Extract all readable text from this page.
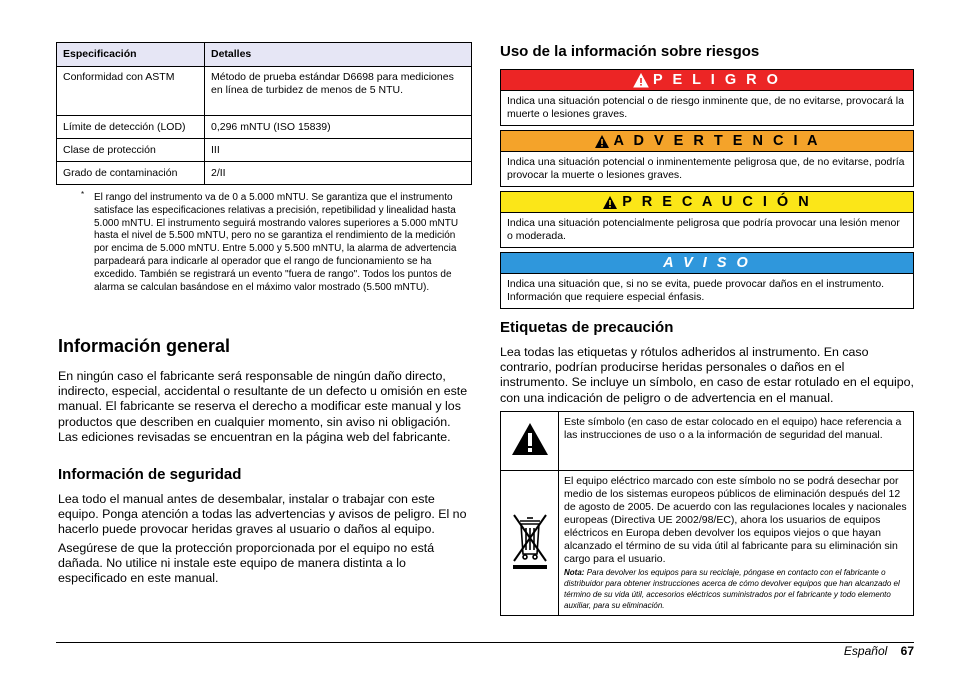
Especificación	Detalles
Conformidad con ASTM	Método de prueba estándar D6698 para mediciones en línea de turbidez de menos de 5 NTU.
Límite de detección (LOD)	0,296 mNTU (ISO 15839)
Clase de protección	III
Grado de contaminación	2/II
* El rango del instrumento va de 0 a 5.000 mNTU. Se garantiza que el instrumento satisface las especificaciones relativas a precisión, repetibilidad y linealidad hasta 5.000 mNTU. El instrumento seguirá mostrando valores superiores a 5.000 mNTU hasta el nivel de 5.500 mNTU, pero no se garantiza el rendimiento de la medición por encima de 5.000 mNTU. Entre 5.000 y 5.500 mNTU, la alarma de advertencia parpadeará para indicarle al operador que el rango de funcionamiento se ha excedido. También se registrará un evento "fuera de rango". Todos los puntos de alarma se calculan basándose en el máximo valor mostrado (5.500 mNTU).
Información general

En ningún caso el fabricante será responsable de ningún daño directo, indirecto, especial, accidental o resultante de un defecto u omisión en este manual. El fabricante se reserva el derecho a modificar este manual y los productos que describen en cualquier momento, sin aviso ni obligación. Las ediciones revisadas se encuentran en la página web del fabricante.

Información de seguridad

Lea todo el manual antes de desembalar, instalar o trabajar con este equipo. Ponga atención a todas las advertencias y avisos de peligro. El no hacerlo puede provocar heridas graves al usuario o daños al equipo.

Asegúrese de que la protección proporcionada por el equipo no está dañada. No utilice ni instale este equipo de manera distinta a lo especificado en este manual.

Uso de la información sobre riesgos
P E L I G R O
Indica una situación potencial o de riesgo inminente que, de no evitarse, provocará la muerte o lesiones graves.
A D V E R T E N C I A
Indica una situación potencial o inminentemente peligrosa que, de no evitarse, podría provocar la muerte o lesiones graves.
P R E C A U C I Ó N
Indica una situación potencialmente peligrosa que podría provocar una lesión menor o moderada.
A V I S O
Indica una situación que, si no se evita, puede provocar daños en el instrumento. Información que requiere especial énfasis.
Etiquetas de precaución

Lea todas las etiquetas y rótulos adheridos al instrumento. En caso contrario, podrían producirse heridas personales o daños en el instrumento. Se incluye un símbolo, en caso de estar rotulado en el equipo, con una indicación de peligro o de advertencia en el manual.

	Este símbolo (en caso de estar colocado en el equipo) hace referencia a las instrucciones de uso o a la información de seguridad del manual.

El equipo eléctrico marcado con este símbolo no se podrá desechar por medio de los sistemas europeos públicos de eliminación después del 12 de agosto de 2005. De acuerdo con las regulaciones locales y nacionales europeas (Directiva UE 2002/98/EC), ahora los usuarios de equipos eléctricos en Europa deben devolver los equipos viejos o que hayan alcanzado el término de su vida útil al fabricante para su eliminación sin cargo para el usuario.
Nota: Para devolver los equipos para su reciclaje, póngase en contacto con el fabricante o distribuidor para obtener instrucciones acerca de cómo devolver equipos que han alcanzado el término de su vida útil, accesorios eléctricos suministrados por el fabricante y todo elemento auxiliar, para su eliminación.
Español 67
